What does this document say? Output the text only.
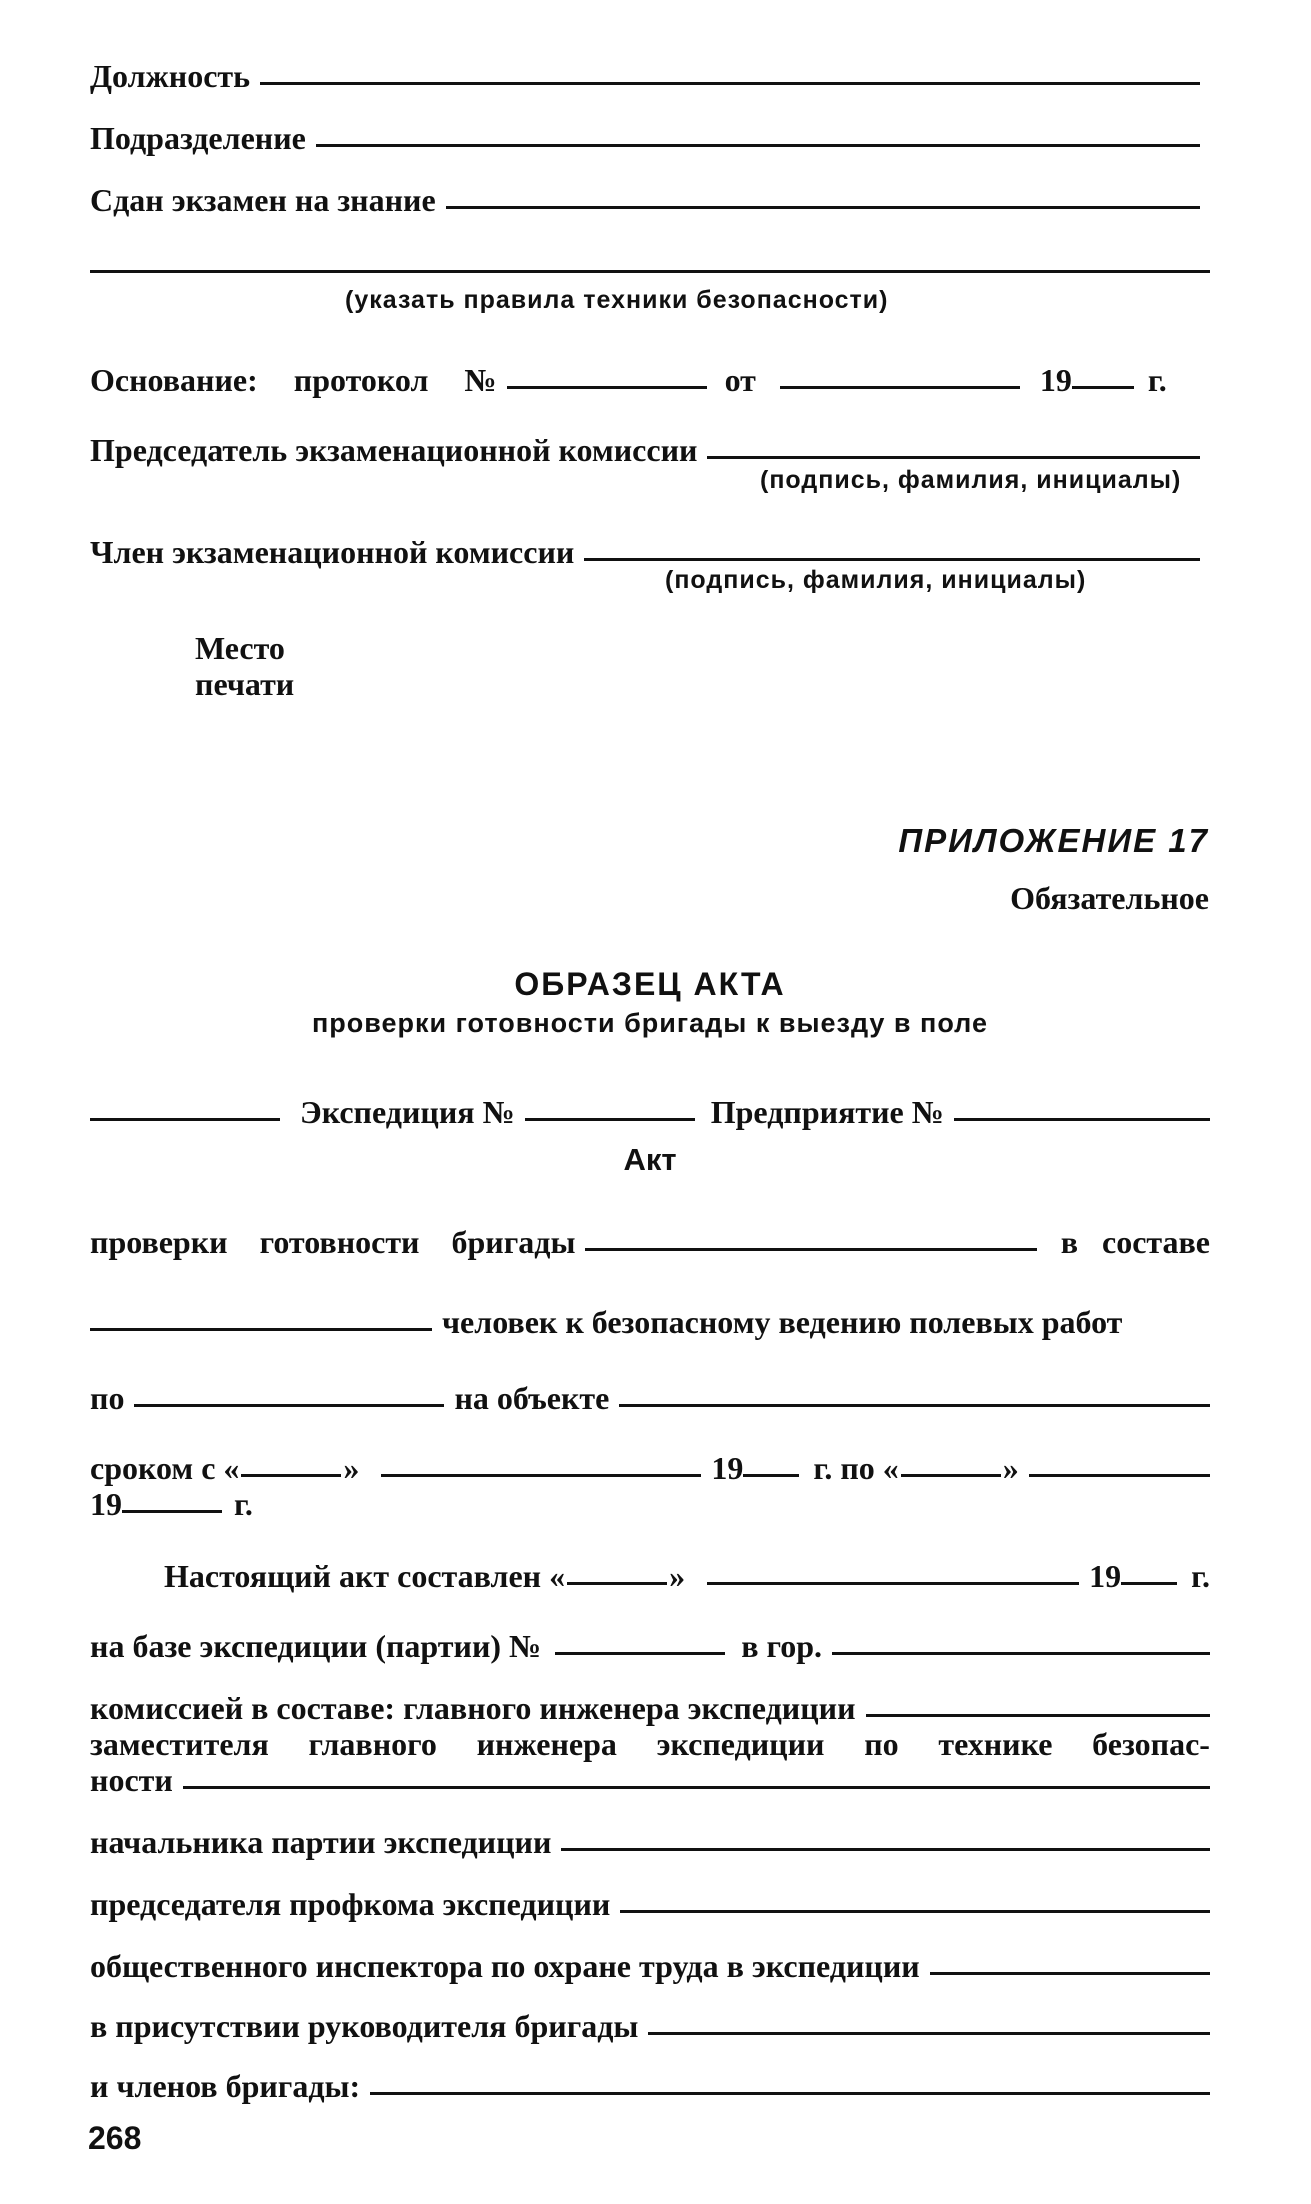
Должность
Подразделение
Сдан экзамен на знание
(указать правила техники безопасности)
Основание: протокол №	от	19 г.
Председатель экзаменационной комиссии
(подпись, фамилия, инициалы)
Член экзаменационной комиссии
(подпись, фамилия, инициалы)
Место
печати
ПРИЛОЖЕНИЕ 17
Обязательное
ОБРАЗЕЦ АКТА
проверки готовности бригады к выезду в поле
Экспедиция №	Предприятие №
Акт
проверки готовности бригады	в составе
человек к безопасному ведению полевых работ
по	на объекте
сроком с «	»	19 г. по «	»
19	г.
Настоящий акт составлен «	»	19 г.
на базе экспедиции (партии) №	в гор.
комиссией в составе: главного инженера экспедиции
заместителя главного инженера экспедиции по технике безопас-
ности
начальника партии экспедиции
председателя профкома экспедиции
общественного инспектора по охране труда в экспедиции
в присутствии руководителя бригады
и членов бригады:
268
